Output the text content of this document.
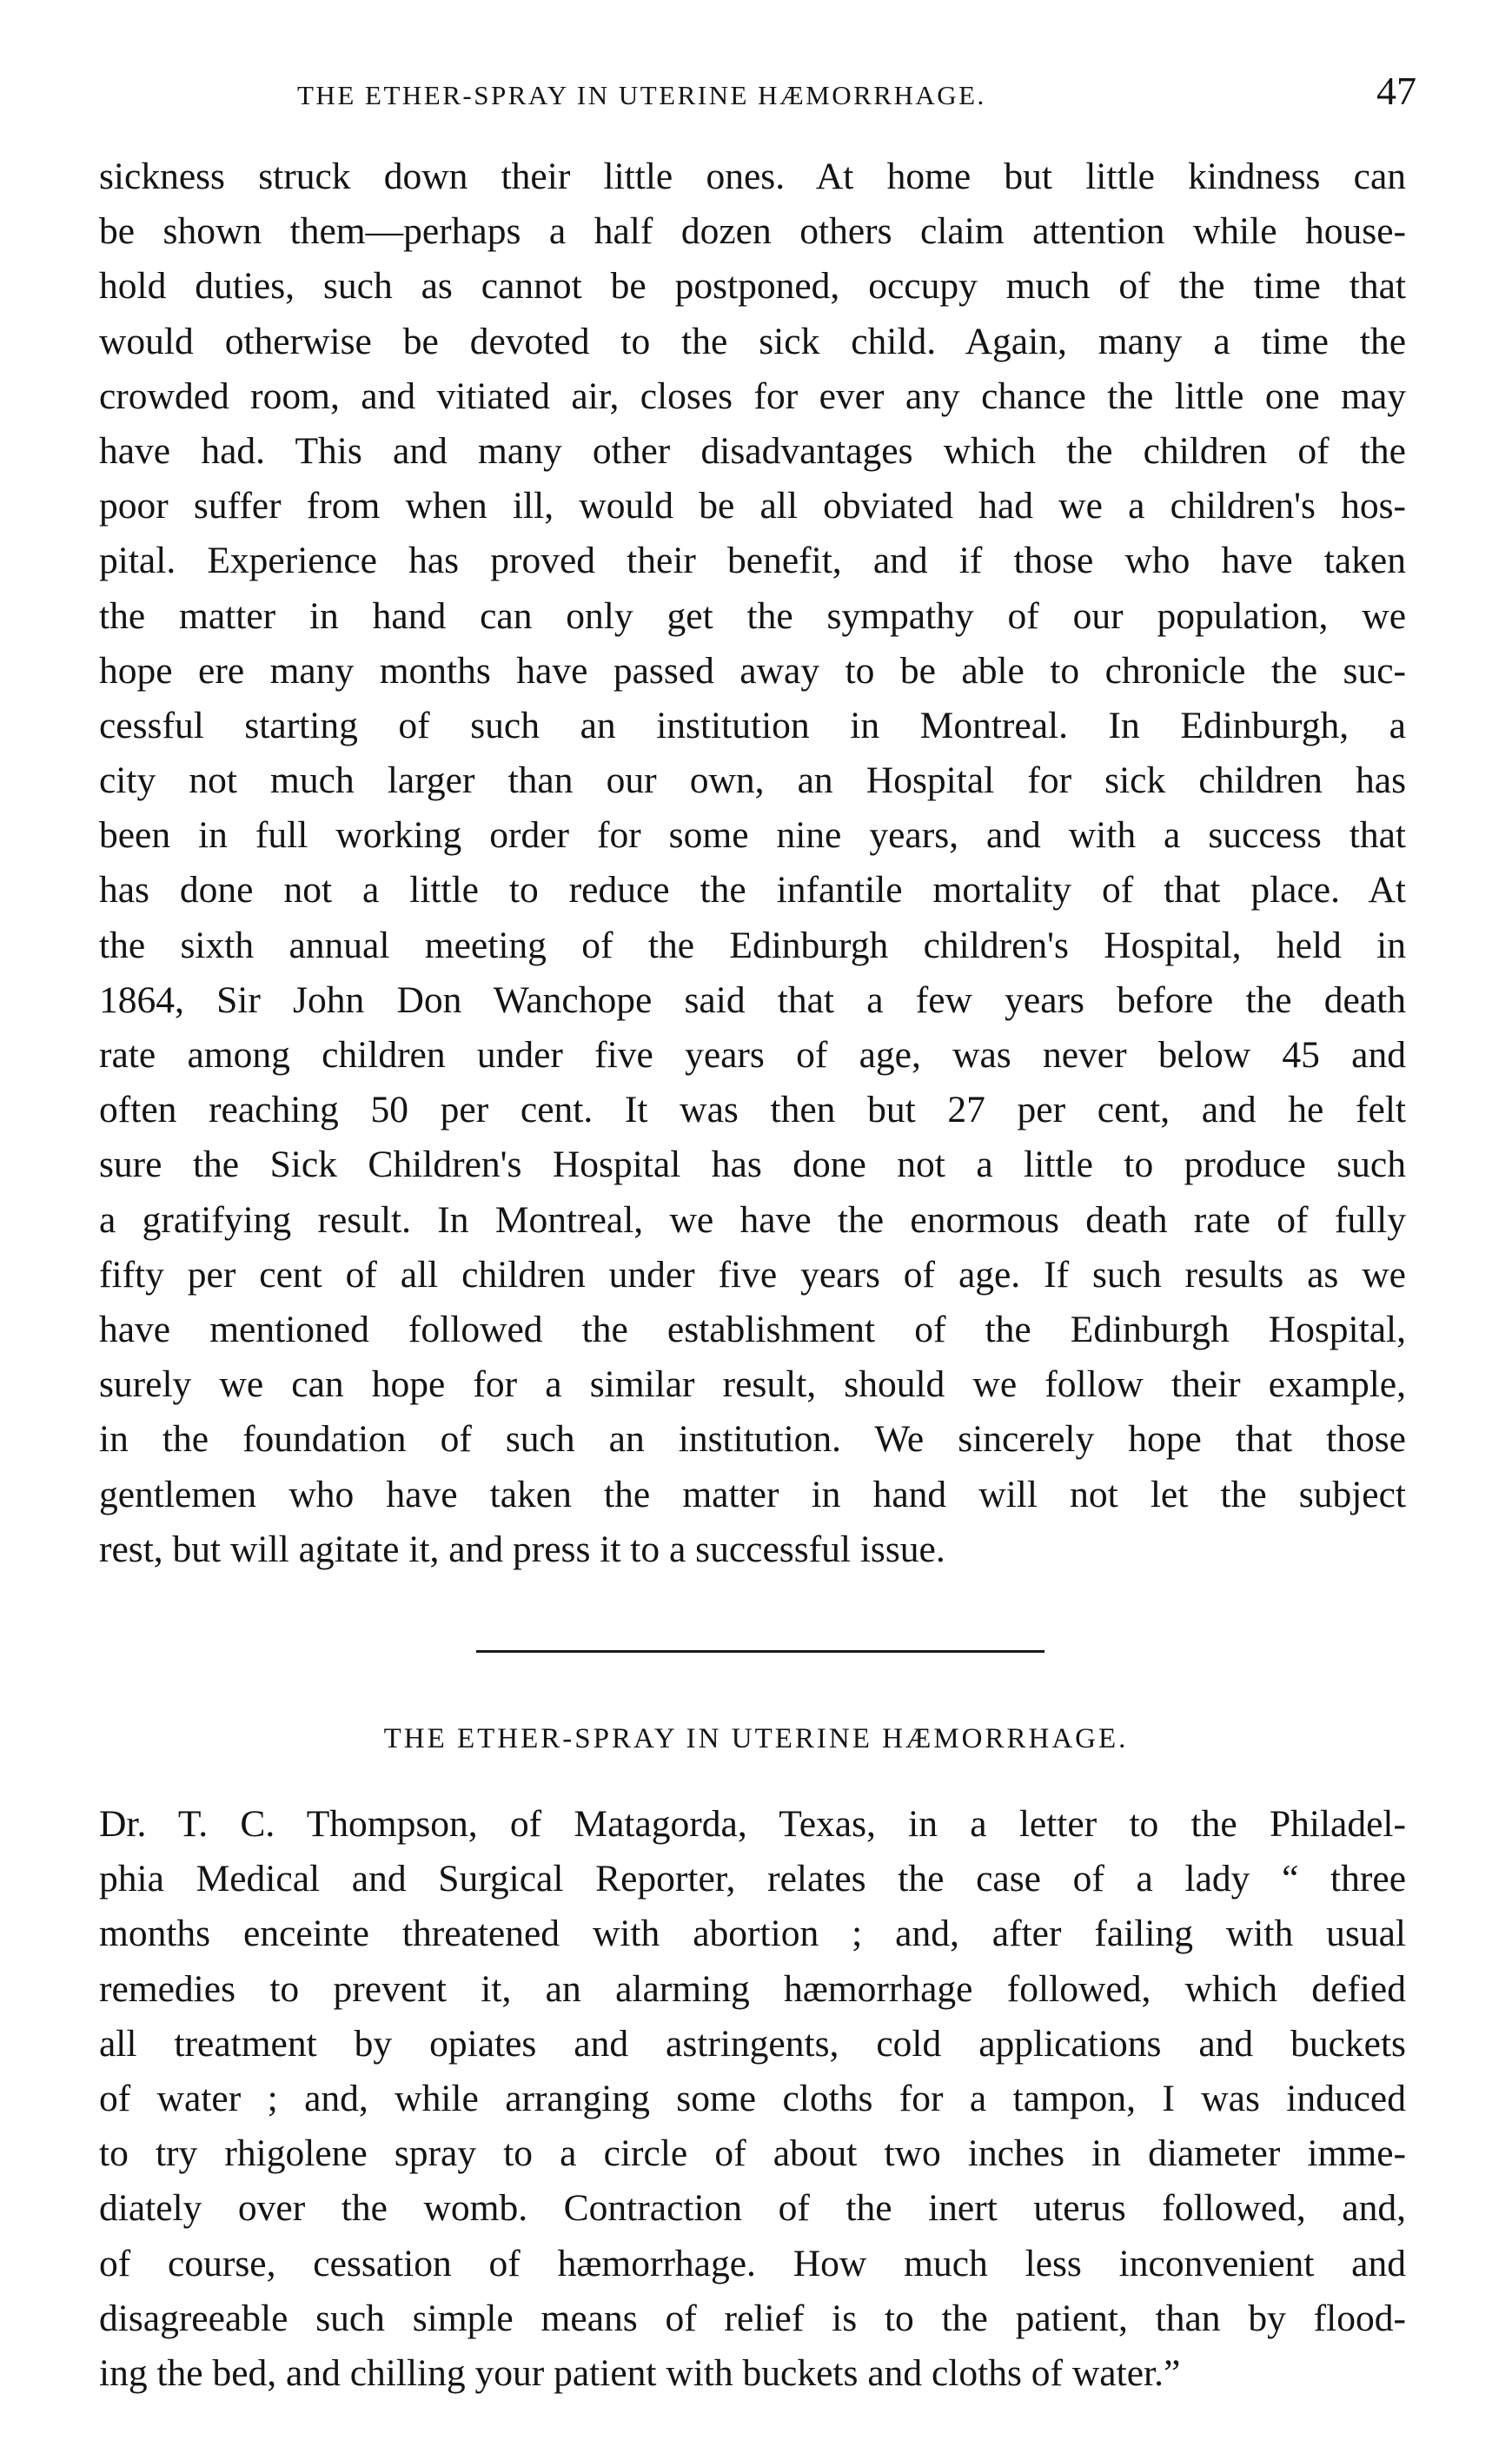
THE ETHER-SPRAY IN UTERINE HÆMORRHAGE.	47
sickness struck down their little ones. At home but little kindness can
be shown them—perhaps a half dozen others claim attention while house-
hold duties, such as cannot be postponed, occupy much of the time that
would otherwise be devoted to the sick child. Again, many a time the
crowded room, and vitiated air, closes for ever any chance the little one may
have had. This and many other disadvantages which the children of the
poor suffer from when ill, would be all obviated had we a children's hos-
pital. Experience has proved their benefit, and if those who have taken
the matter in hand can only get the sympathy of our population, we
hope ere many months have passed away to be able to chronicle the suc-
cessful starting of such an institution in Montreal. In Edinburgh, a
city not much larger than our own, an Hospital for sick children has
been in full working order for some nine years, and with a success that
has done not a little to reduce the infantile mortality of that place. At
the sixth annual meeting of the Edinburgh children's Hospital, held in
1864, Sir John Don Wanchope said that a few years before the death
rate among children under five years of age, was never below 45 and
often reaching 50 per cent. It was then but 27 per cent, and he felt
sure the Sick Children's Hospital has done not a little to produce such
a gratifying result. In Montreal, we have the enormous death rate of fully
fifty per cent of all children under five years of age. If such results as we
have mentioned followed the establishment of the Edinburgh Hospital,
surely we can hope for a similar result, should we follow their example,
in the foundation of such an institution. We sincerely hope that those
gentlemen who have taken the matter in hand will not let the subject
rest, but will agitate it, and press it to a successful issue.
THE ETHER-SPRAY IN UTERINE HÆMORRHAGE.
Dr. T. C. Thompson, of Matagorda, Texas, in a letter to the Philadel-
phia Medical and Surgical Reporter, relates the case of a lady “ three
months enceinte threatened with abortion ; and, after failing with usual
remedies to prevent it, an alarming hæmorrhage followed, which defied
all treatment by opiates and astringents, cold applications and buckets
of water ; and, while arranging some cloths for a tampon, I was induced
to try rhigolene spray to a circle of about two inches in diameter imme-
diately over the womb. Contraction of the inert uterus followed, and,
of course, cessation of hæmorrhage. How much less inconvenient and
disagreeable such simple means of relief is to the patient, than by flood-
ing the bed, and chilling your patient with buckets and cloths of water.”
